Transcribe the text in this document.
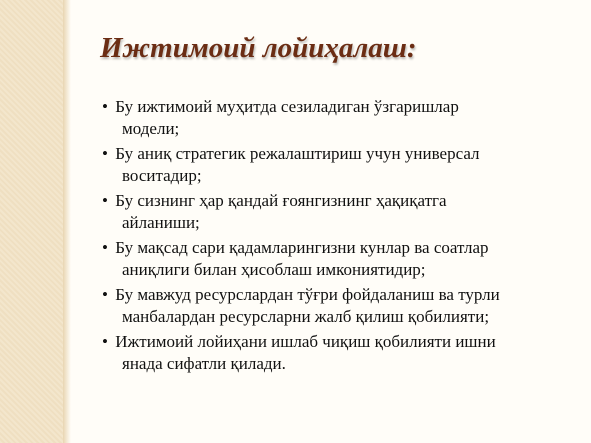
Ижтимоий лойиҳалаш:
• Бу ижтимоий муҳитда сезиладиган ўзгаришлар
модели;
• Бу аниқ стратегик режалаштириш учун универсал
воситадир;
• Бу сизнинг ҳар қандай ғоянгизнинг ҳақиқатга
айланиши;
• Бу мақсад сари қадамларингизни кунлар ва соатлар
аниқлиги билан ҳисоблаш имкониятидир;
• Бу мавжуд ресурслардан тўғри фойдаланиш ва турли
манбалардан ресурсларни жалб қилиш қобилияти;
• Ижтимоий лойиҳани ишлаб чиқиш қобилияти ишни
янада сифатли қилади.
